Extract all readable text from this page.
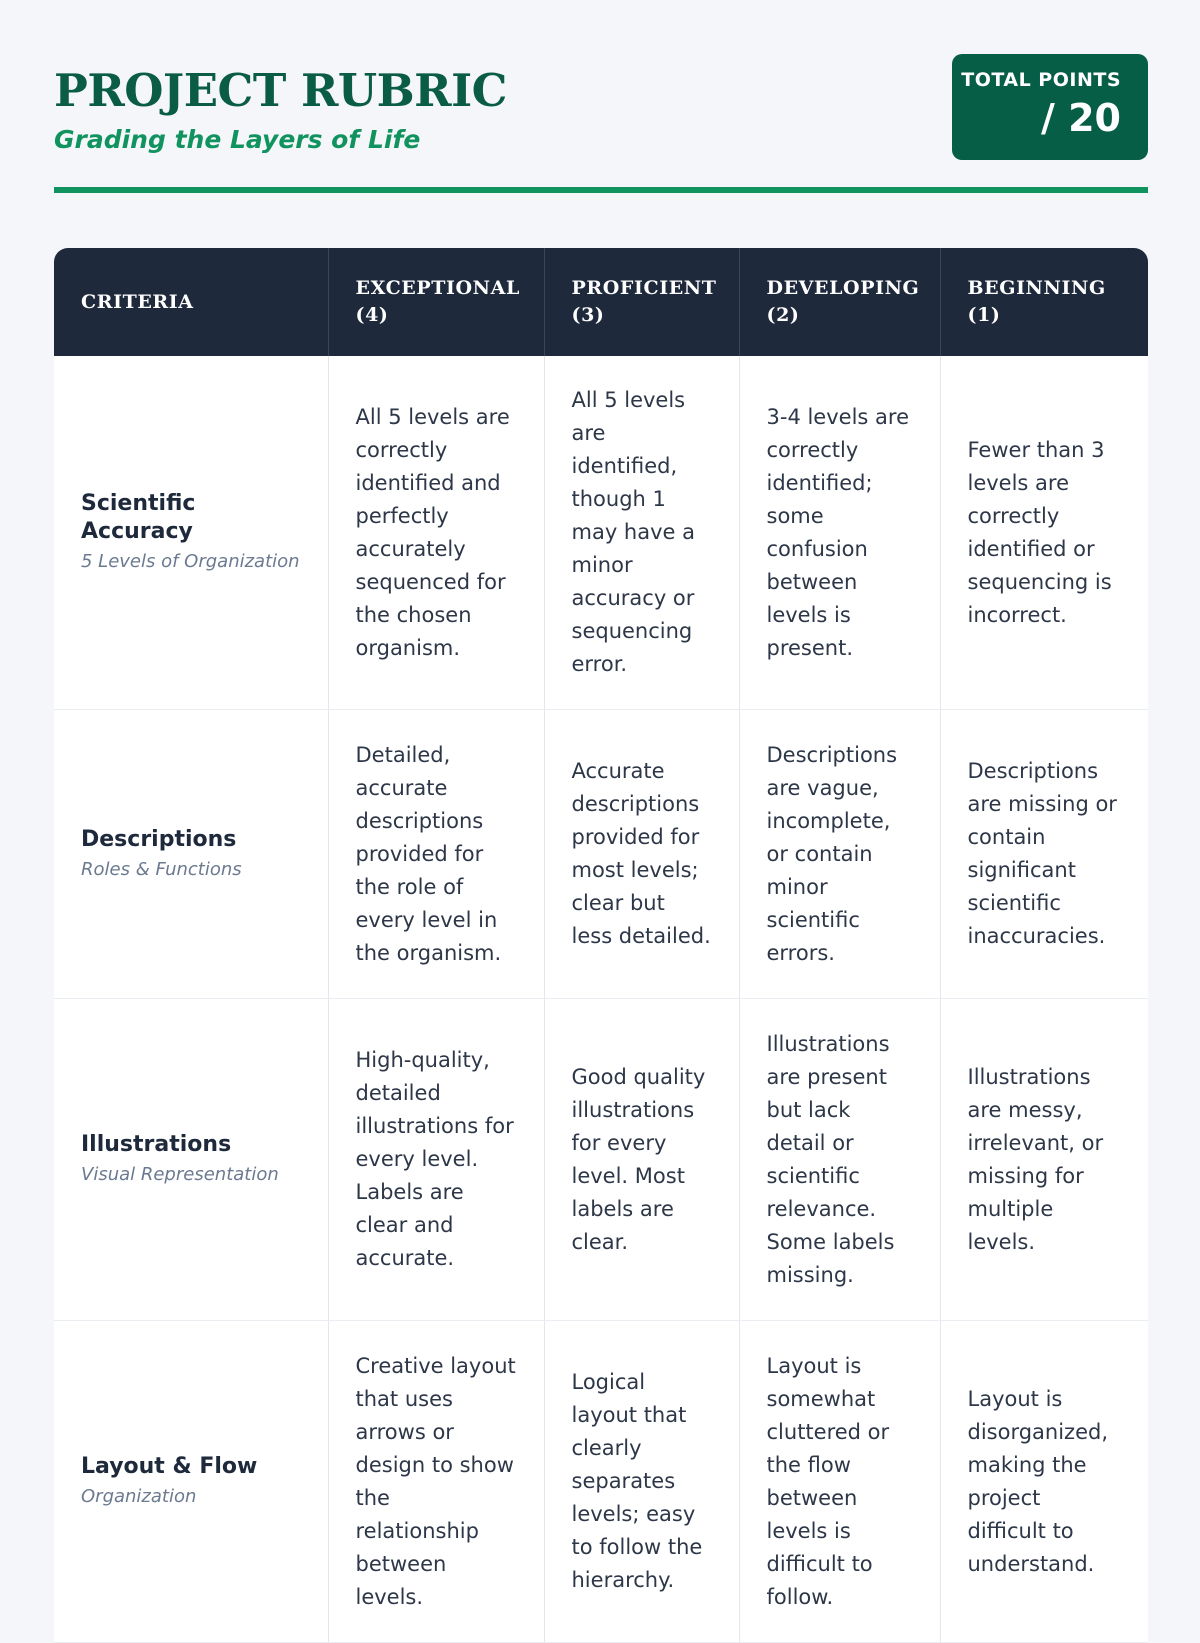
PROJECT RUBRIC
Grading the Layers of Life
TOTAL POINTS
/ 20
CRITERIA	EXCEPTIONAL (4)	PROFICIENT (3)	DEVELOPING (2)	BEGINNING (1)

Scientific Accuracy
5 Levels of Organization	All 5 levels are correctly identified and perfectly accurately sequenced for the chosen organism.	All 5 levels are identified, though 1 may have a minor accuracy or sequencing error.	3-4 levels are correctly identified; some confusion between levels is present.	Fewer than 3 levels are correctly identified or sequencing is incorrect.

Descriptions
Roles & Functions	Detailed, accurate descriptions provided for the role of every level in the organism.	Accurate descriptions provided for most levels; clear but less detailed.	Descriptions are vague, incomplete, or contain minor scientific errors.	Descriptions are missing or contain significant scientific inaccuracies.

Illustrations
Visual Representation	High-quality, detailed illustrations for every level. Labels are clear and accurate.	Good quality illustrations for every level. Most labels are clear.	Illustrations are present but lack detail or scientific relevance. Some labels missing.	Illustrations are messy, irrelevant, or missing for multiple levels.

Layout & Flow
Organization	Creative layout that uses arrows or design to show the relationship between levels.	Logical layout that clearly separates levels; easy to follow the hierarchy.	Layout is somewhat cluttered or the flow between levels is difficult to follow.	Layout is disorganized, making the project difficult to understand.
